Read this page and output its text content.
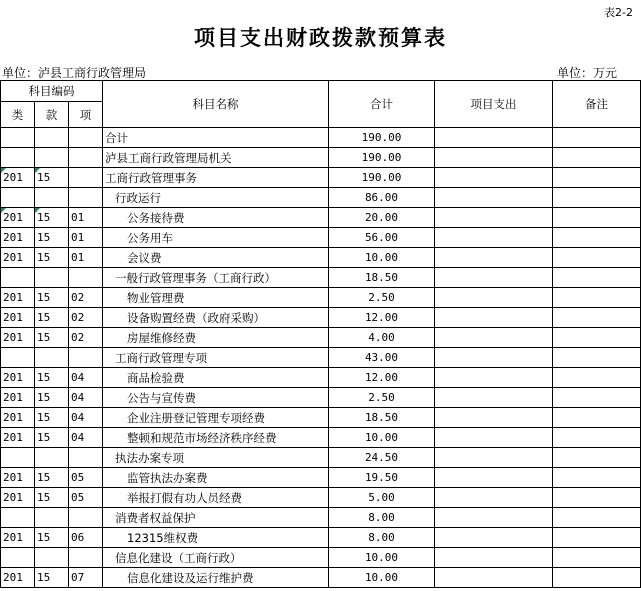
表2-2
项目支出财政拨款预算表
单位：泸县工商行政管理局	单位：万元
科目编码			科目名称	合计	项目支出	备注
类	款	项				
			合计	190.00		
			泸县工商行政管理局机关	190.00		
201	15		工商行政管理事务	190.00		
			行政运行	86.00		
201	15	01	公务接待费	20.00		
201	15	01	公务用车	56.00		
201	15	01	会议费	10.00		
			一般行政管理事务（工商行政）	18.50		
201	15	02	物业管理费	2.50		
201	15	02	设备购置经费（政府采购）	12.00		
201	15	02	房屋维修经费	4.00		
			工商行政管理专项	43.00		
201	15	04	商品检验费	12.00		
201	15	04	公告与宣传费	2.50		
201	15	04	企业注册登记管理专项经费	18.50		
201	15	04	整顿和规范市场经济秩序经费	10.00		
			执法办案专项	24.50		
201	15	05	监管执法办案费	19.50		
201	15	05	举报打假有功人员经费	5.00		
			消费者权益保护	8.00		
201	15	06	12315维权费	8.00		
			信息化建设（工商行政）	10.00		
201	15	07	信息化建设及运行维护费	10.00		
